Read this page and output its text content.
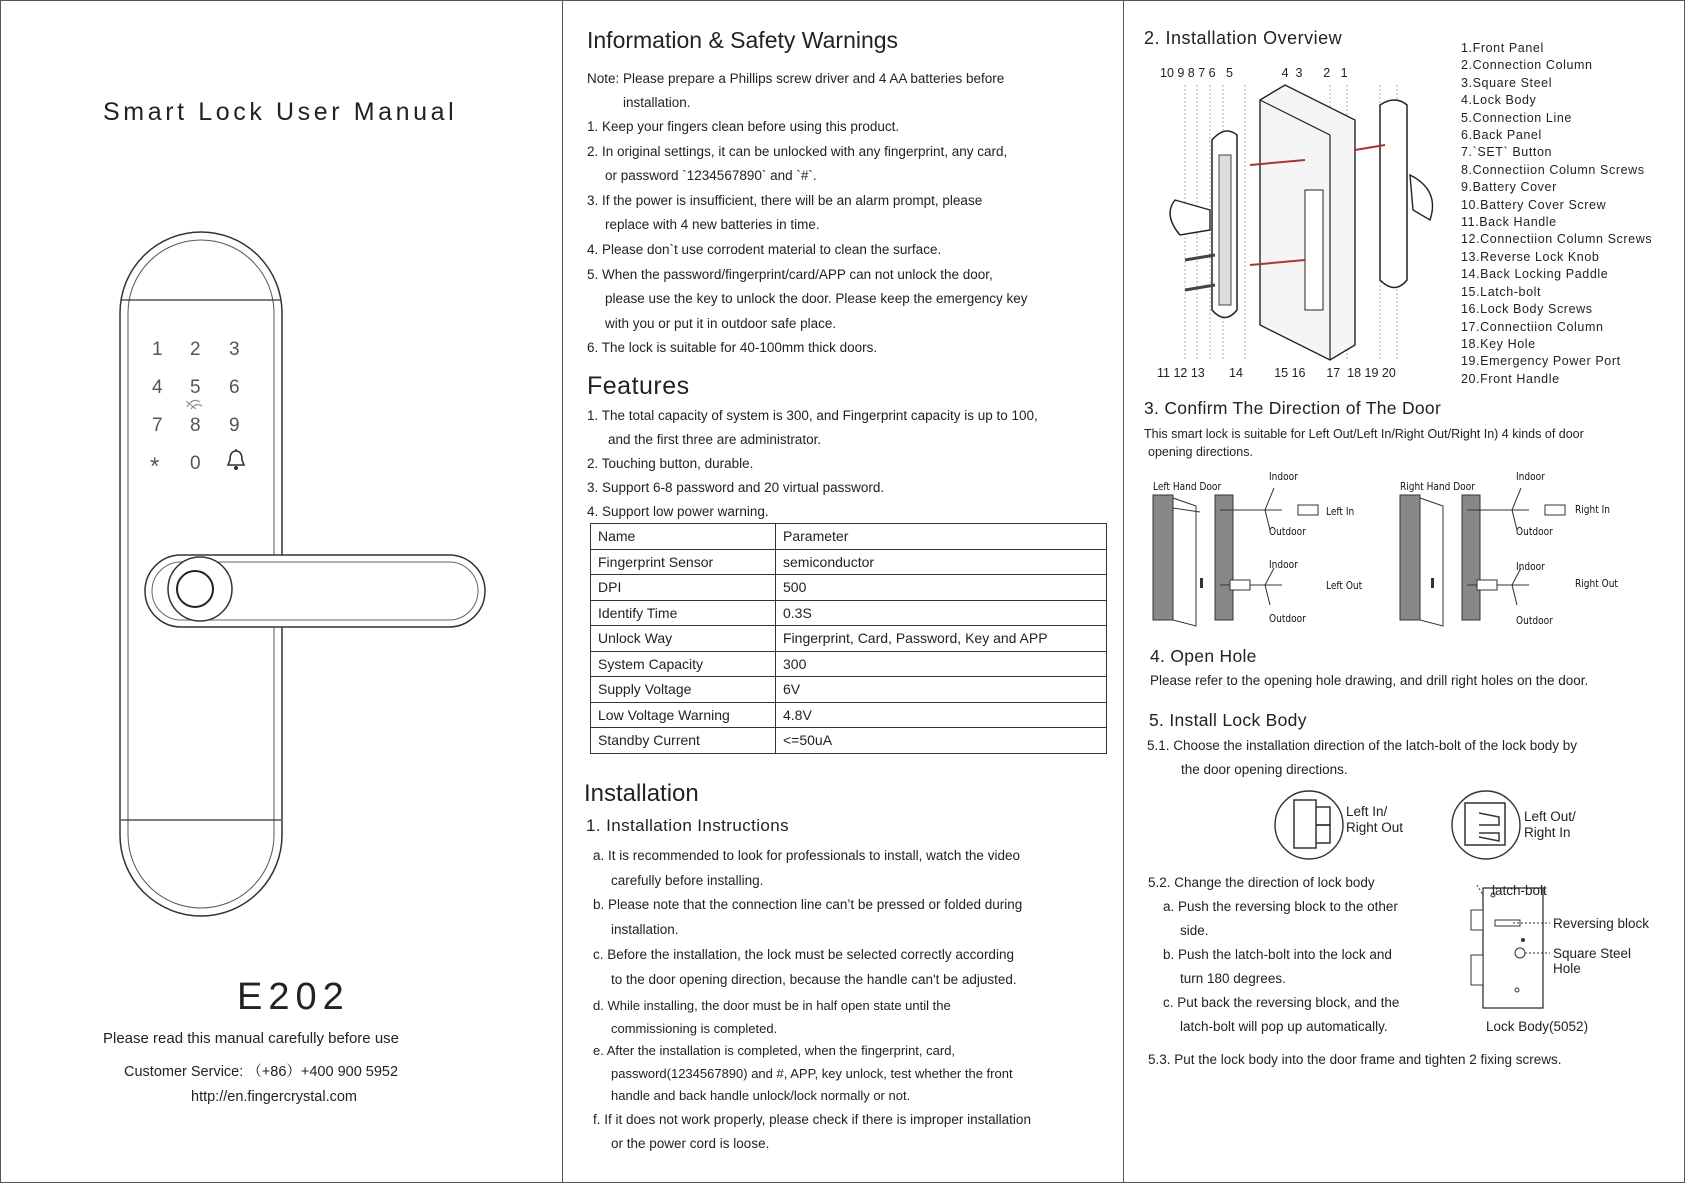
Smart Lock User Manual
1 2 3
4 5 6
7 8 9
* 0
E202
Please read this manual carefully before use
Customer Service: （+86）+400 900 5952
http://en.fingercrystal.com
Information & Safety Warnings
Note: Please prepare a Phillips screw driver and 4 AA batteries before
installation.
1. Keep your fingers clean before using this product.
2. In original settings, it can be unlocked with any fingerprint, any card,
or password `1234567890` and `#`.
3. If the power is insufficient, there will be an alarm prompt, please
replace with 4 new batteries in time.
4. Please don`t use corrodent material to clean the surface.
5. When the password/fingerprint/card/APP can not unlock the door,
please use the key to unlock the door. Please keep the emergency key
with you or put it in outdoor safe place.
6. The lock is suitable for 40-100mm thick doors.
Features
1. The total capacity of system is 300, and Fingerprint capacity is up to 100,
and the first three are administrator.
2. Touching button, durable.
3. Support 6-8 password and 20 virtual password.
4. Support low power warning.
Name	Parameter
Fingerprint Sensor	semiconductor
DPI	500
Identify Time	0.3S
Unlock Way	Fingerprint, Card, Password, Key and APP
System Capacity	300
Supply Voltage	6V
Low Voltage Warning	4.8V
Standby Current	<=50uA
Installation
1. Installation Instructions
a. It is recommended to look for professionals to install, watch the video
carefully before installing.
b. Please note that the connection line can’t be pressed or folded during
installation.
c. Before the installation, the lock must be selected correctly according
to the door opening direction, because the handle can't be adjusted.
d. While installing, the door must be in half open state until the
commissioning is completed.
e. After the installation is completed, when the fingerprint, card,
password(1234567890) and #, APP, key unlock, test whether the front
handle and back handle unlock/lock normally or not.
f. If it does not work properly, please check if there is improper installation
or the power cord is loose.
2. Installation Overview
10 9 8 7 6   5              4  3      2   1
11 12 13       14         15 16      17  18 19 20
1.Front Panel
2.Connection Column
3.Square Steel
4.Lock Body
5.Connection Line
6.Back Panel
7.`SET` Button
8.Connectiion Column Screws
9.Battery Cover
10.Battery Cover Screw
11.Back Handle
12.Connectiion Column Screws
13.Reverse Lock Knob
14.Back Locking Paddle
15.Latch-bolt
16.Lock Body Screws
17.Connectiion Column
18.Key Hole
19.Emergency Power Port
20.Front Handle
3. Confirm The Direction of The Door
This smart lock is suitable for Left Out/Left In/Right Out/Right In) 4 kinds of door
opening directions.
Left Hand Door
Indoor
Left In
Outdoor
Indoor
Left Out
Outdoor
Right Hand Door
Indoor
Right In
Outdoor
Indoor
Right Out
Outdoor
4. Open Hole
Please refer to the opening hole drawing, and drill right holes on the door.
5. Install Lock Body
5.1. Choose the installation direction of the latch-bolt of the lock body by
the door opening directions.
Left In/
Right Out
Left Out/
Right In
5.2. Change the direction of lock body
a. Push the reversing block to the other
side.
b. Push the latch-bolt into the lock and
turn 180 degrees.
c. Put back the reversing block, and the
latch-bolt will pop up automatically.
latch-bolt
Reversing block
Square Steel
Hole
Lock Body(5052)
5.3. Put the lock body into the door frame and tighten 2 fixing screws.
